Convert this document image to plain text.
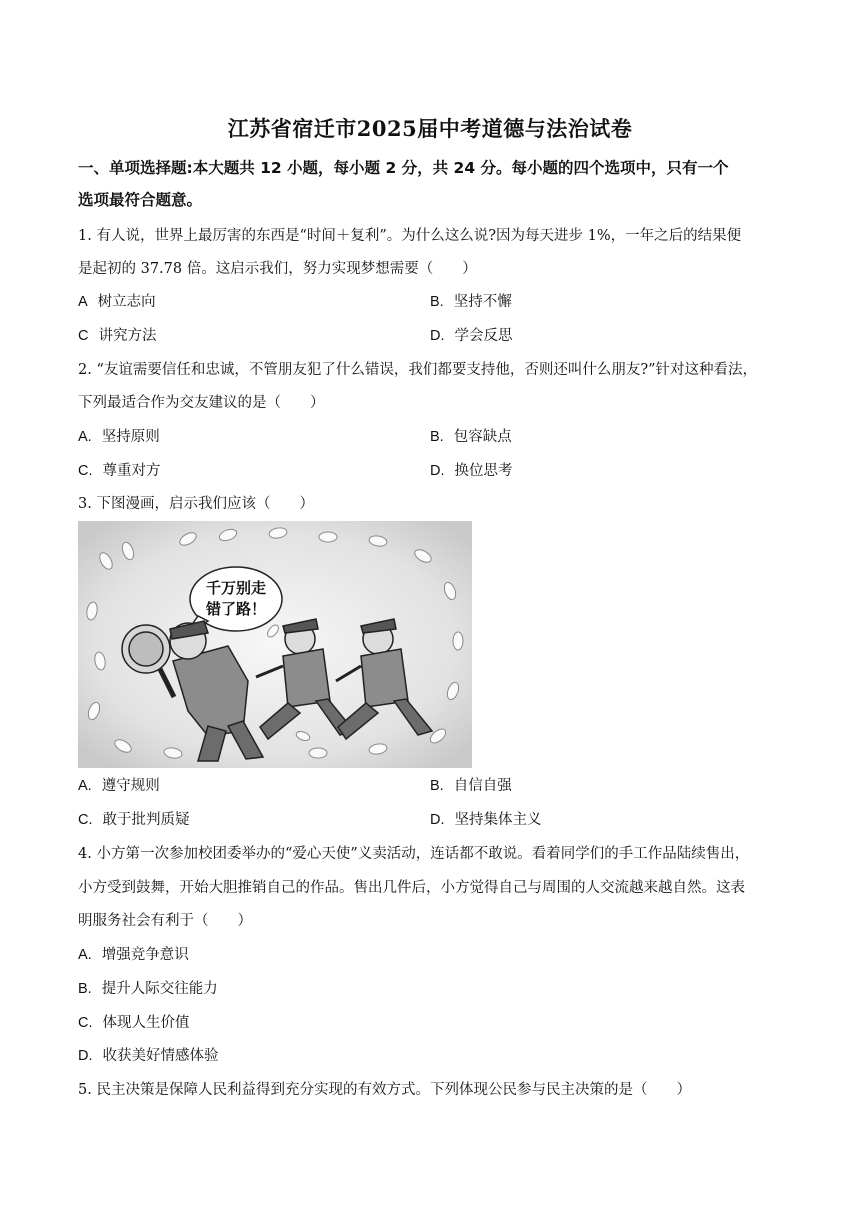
江苏省宿迁市2025届中考道德与法治试卷
一、单项选择题:本大题共 12 小题，每小题 2 分，共 24 分。每小题的四个选项中，只有一个
选项最符合题意。
1. 有人说，世界上最厉害的东西是“时间＋复利”。为什么这么说?因为每天进步 1%，一年之后的结果便
是起初的 37.78 倍。这启示我们，努力实现梦想需要（　　）
A 树立志向	B. 坚持不懈
C 讲究方法	D. 学会反思
2. “友谊需要信任和忠诚，不管朋友犯了什么错误，我们都要支持他，否则还叫什么朋友?”针对这种看法，
下列最适合作为交友建议的是（　　）
A. 坚持原则	B. 包容缺点
C. 尊重对方	D. 换位思考
3. 下图漫画，启示我们应该（　　）
千万别走
错了路！
A. 遵守规则	B. 自信自强
C. 敢于批判质疑	D. 坚持集体主义
4. 小方第一次参加校团委举办的“爱心天使”义卖活动，连话都不敢说。看着同学们的手工作品陆续售出，
小方受到鼓舞，开始大胆推销自己的作品。售出几件后，小方觉得自己与周围的人交流越来越自然。这表
明服务社会有利于（　　）
A. 增强竞争意识
B. 提升人际交往能力
C. 体现人生价值
D. 收获美好情感体验
5. 民主决策是保障人民利益得到充分实现的有效方式。下列体现公民参与民主决策的是（　　）
